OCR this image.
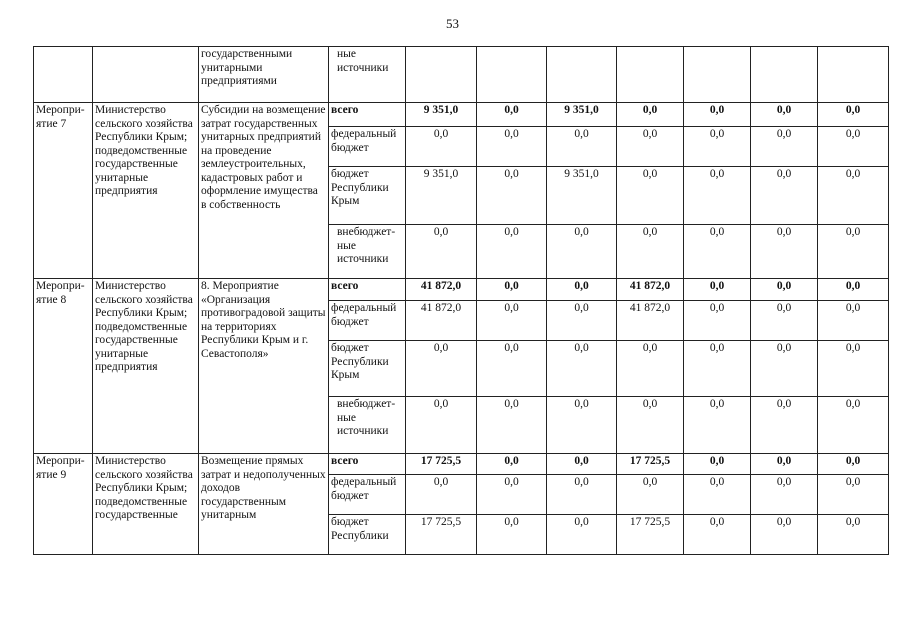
53
		государственными унитарными предприятиями	ные источники							
Меропри-ятие 7	Министерство сельского хозяйства Республики Крым; подведомственные государственные унитарные предприятия	Субсидии на возмещение затрат государственных унитарных предприятий на проведение землеустроительных, кадастровых работ и оформление имущества в собственность	всего	9 351,0	0,0	9 351,0	0,0	0,0	0,0	0,0
			федеральный бюджет	0,0	0,0	0,0	0,0	0,0	0,0	0,0
			бюджет Республики Крым	9 351,0	0,0	9 351,0	0,0	0,0	0,0	0,0
			внебюджет-ные источники	0,0	0,0	0,0	0,0	0,0	0,0	0,0
Меропри-ятие 8	Министерство сельского хозяйства Республики Крым; подведомственные государственные унитарные предприятия	8. Мероприятие «Организация противоградовой защиты на территориях Республики Крым и г. Севастополя»	всего	41 872,0	0,0	0,0	41 872,0	0,0	0,0	0,0
			федеральный бюджет	41 872,0	0,0	0,0	41 872,0	0,0	0,0	0,0
			бюджет Республики Крым	0,0	0,0	0,0	0,0	0,0	0,0	0,0
			внебюджет-ные источники	0,0	0,0	0,0	0,0	0,0	0,0	0,0
Меропри-ятие 9	Министерство сельского хозяйства Республики Крым; подведомственные государственные	Возмещение прямых затрат и недополученных доходов государственным унитарным	всего	17 725,5	0,0	0,0	17 725,5	0,0	0,0	0,0
			федеральный бюджет	0,0	0,0	0,0	0,0	0,0	0,0	0,0
			бюджет Республики	17 725,5	0,0	0,0	17 725,5	0,0	0,0	0,0
